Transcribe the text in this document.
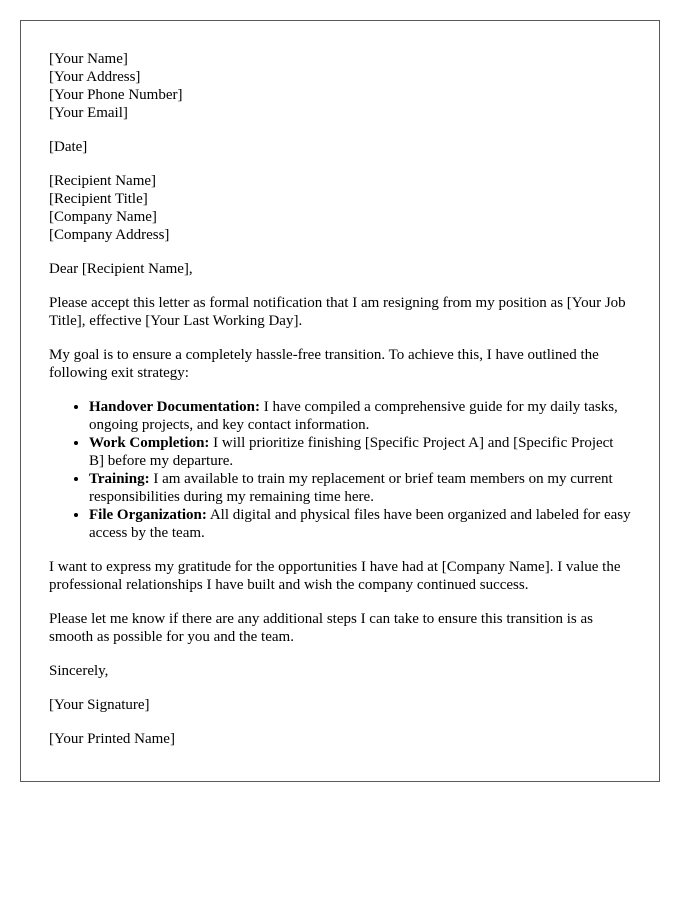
[Your Name]
[Your Address]
[Your Phone Number]
[Your Email]
[Date]
[Recipient Name]
[Recipient Title]
[Company Name]
[Company Address]

Dear [Recipient Name],

Please accept this letter as formal notification that I am resigning from my position as [Your Job Title], effective [Your Last Working Day].

My goal is to ensure a completely hassle-free transition. To achieve this, I have outlined the following exit strategy:

• Handover Documentation: I have compiled a comprehensive guide for my daily tasks, ongoing projects, and key contact information.
• Work Completion: I will prioritize finishing [Specific Project A] and [Specific Project B] before my departure.
• Training: I am available to train my replacement or brief team members on my current responsibilities during my remaining time here.
• File Organization: All digital and physical files have been organized and labeled for easy access by the team.

I want to express my gratitude for the opportunities I have had at [Company Name]. I value the professional relationships I have built and wish the company continued success.

Please let me know if there are any additional steps I can take to ensure this transition is as smooth as possible for you and the team.

Sincerely,

[Your Signature]

[Your Printed Name]
